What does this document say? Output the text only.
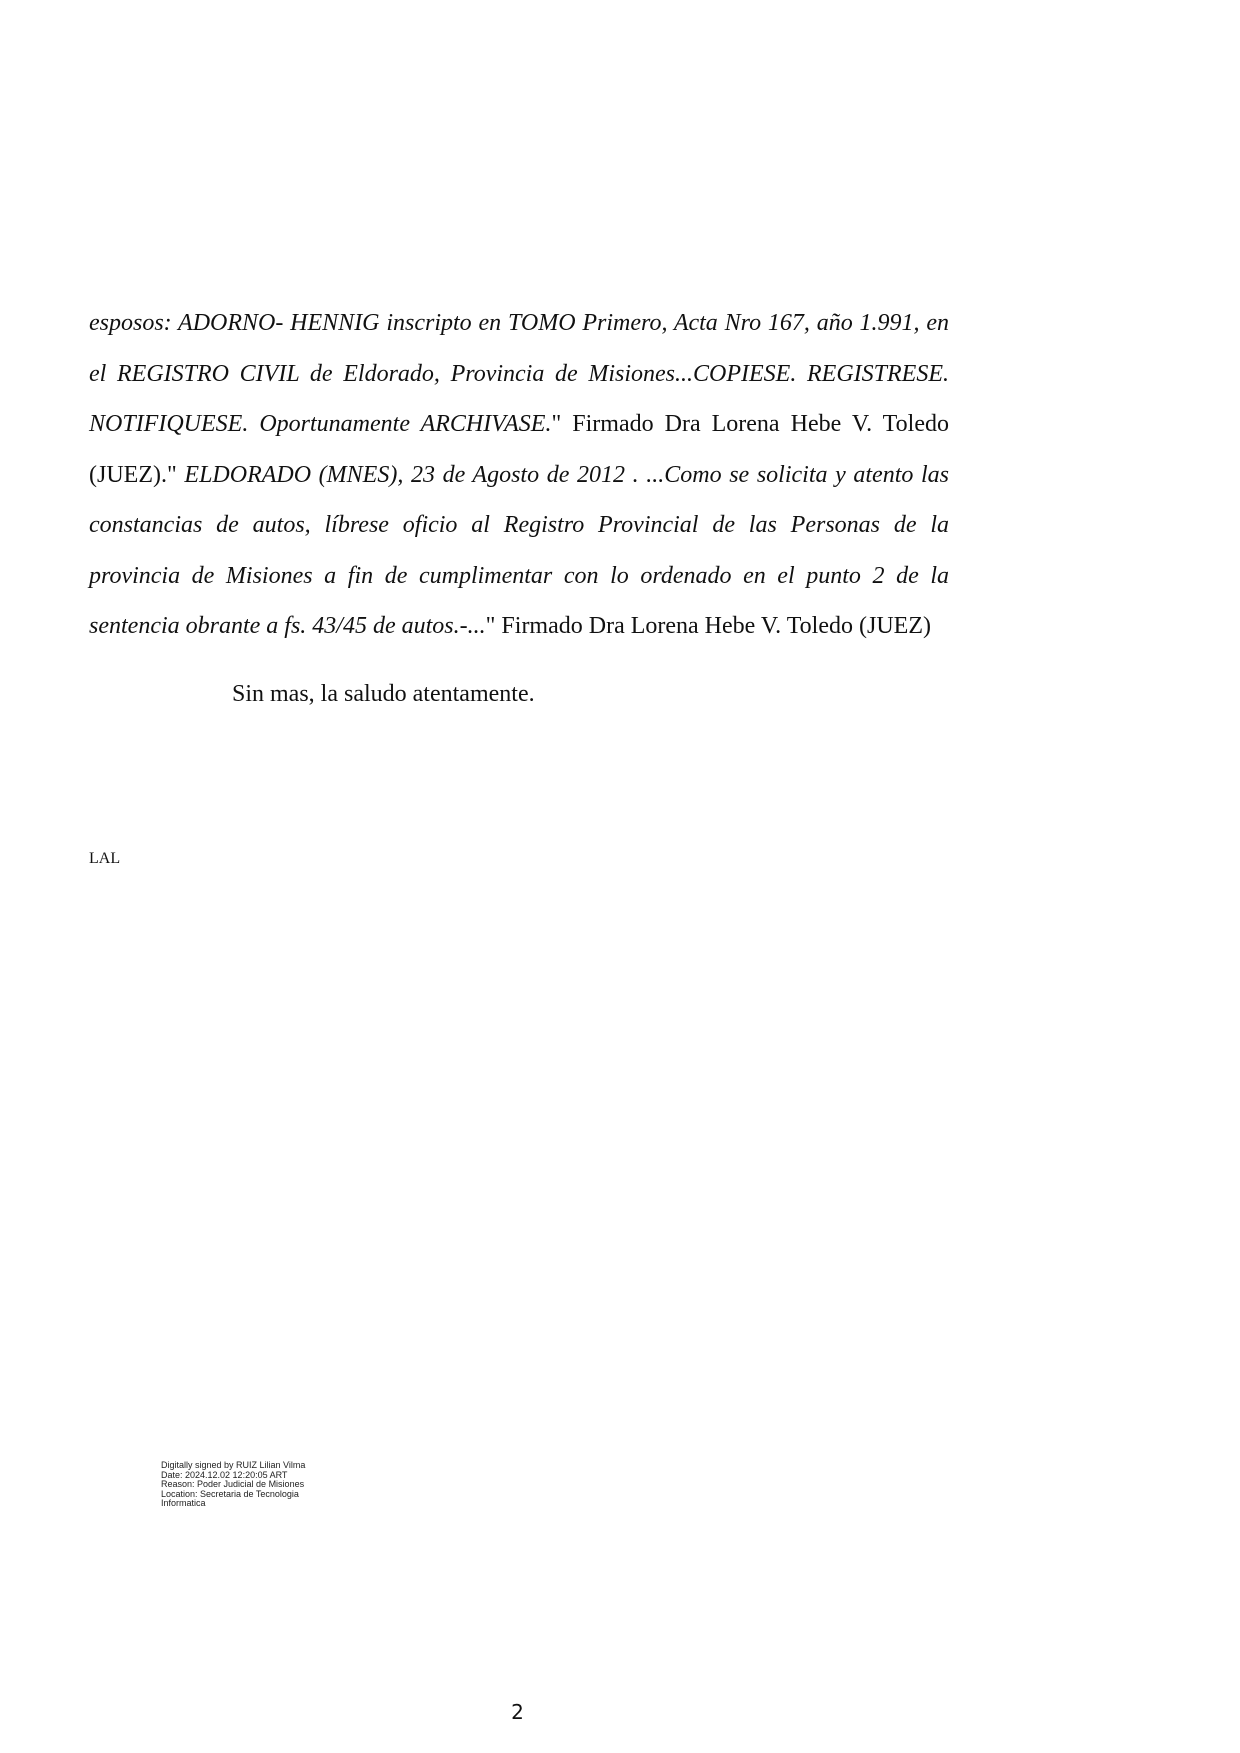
esposos: ADORNO- HENNIG inscripto en TOMO Primero, Acta Nro 167, año 1.991, en el REGISTRO CIVIL de Eldorado, Provincia de Misiones...COPIESE. REGISTRESE. NOTIFIQUESE. Oportunamente ARCHIVASE." Firmado Dra Lorena Hebe V. Toledo (JUEZ)." ELDORADO (MNES), 23 de Agosto de 2012 . ...Como se solicita y atento las constancias de autos, líbrese oficio al Registro Provincial de las Personas de la provincia de Misiones a fin de cumplimentar con lo ordenado en el punto 2 de la sentencia obrante a fs. 43/45 de autos.-..." Firmado Dra Lorena Hebe V. Toledo (JUEZ)

Sin mas, la saludo atentamente.

LAL

Digitally signed by RUIZ Lilian Vilma
Date: 2024.12.02 12:20:05 ART
Reason: Poder Judicial de Misiones
Location: Secretaria de Tecnologia
Informatica

2
